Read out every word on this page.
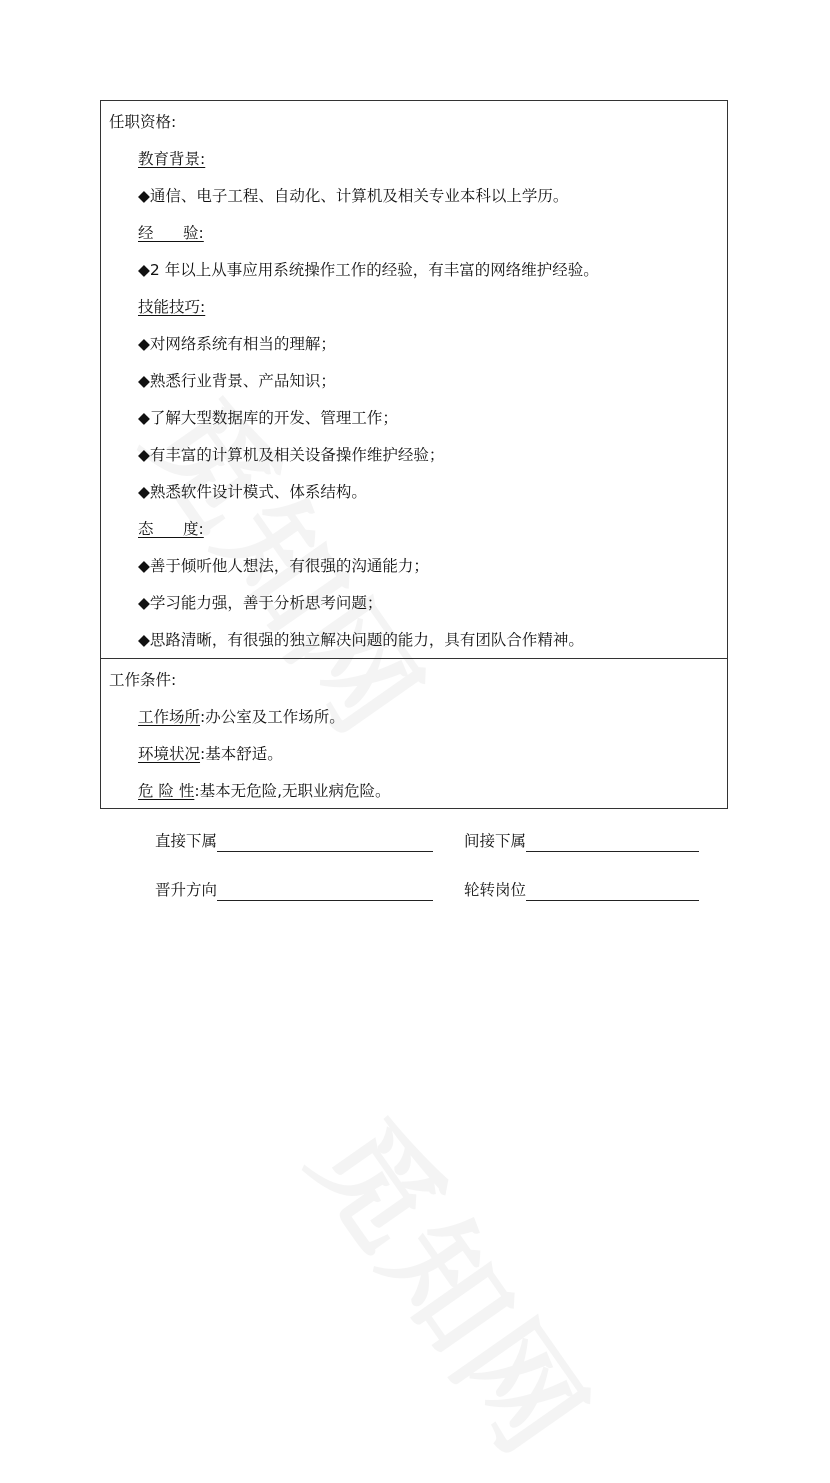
任职资格:
教育背景:
◆通信、电子工程、自动化、计算机及相关专业本科以上学历。
经      验:
◆2 年以上从事应用系统操作工作的经验，有丰富的网络维护经验。
技能技巧:
◆对网络系统有相当的理解；
◆熟悉行业背景、产品知识；
◆了解大型数据库的开发、管理工作；
◆有丰富的计算机及相关设备操作维护经验；
◆熟悉软件设计模式、体系结构。
态      度:
◆善于倾听他人想法，有很强的沟通能力；
◆学习能力强，善于分析思考问题；
◆思路清晰，有很强的独立解决问题的能力，具有团队合作精神。
工作条件:
工作场所:办公室及工作场所。
环境状况:基本舒适。
危 险 性:基本无危险,无职业病危险。
直接下属	间接下属
晋升方向	轮转岗位
